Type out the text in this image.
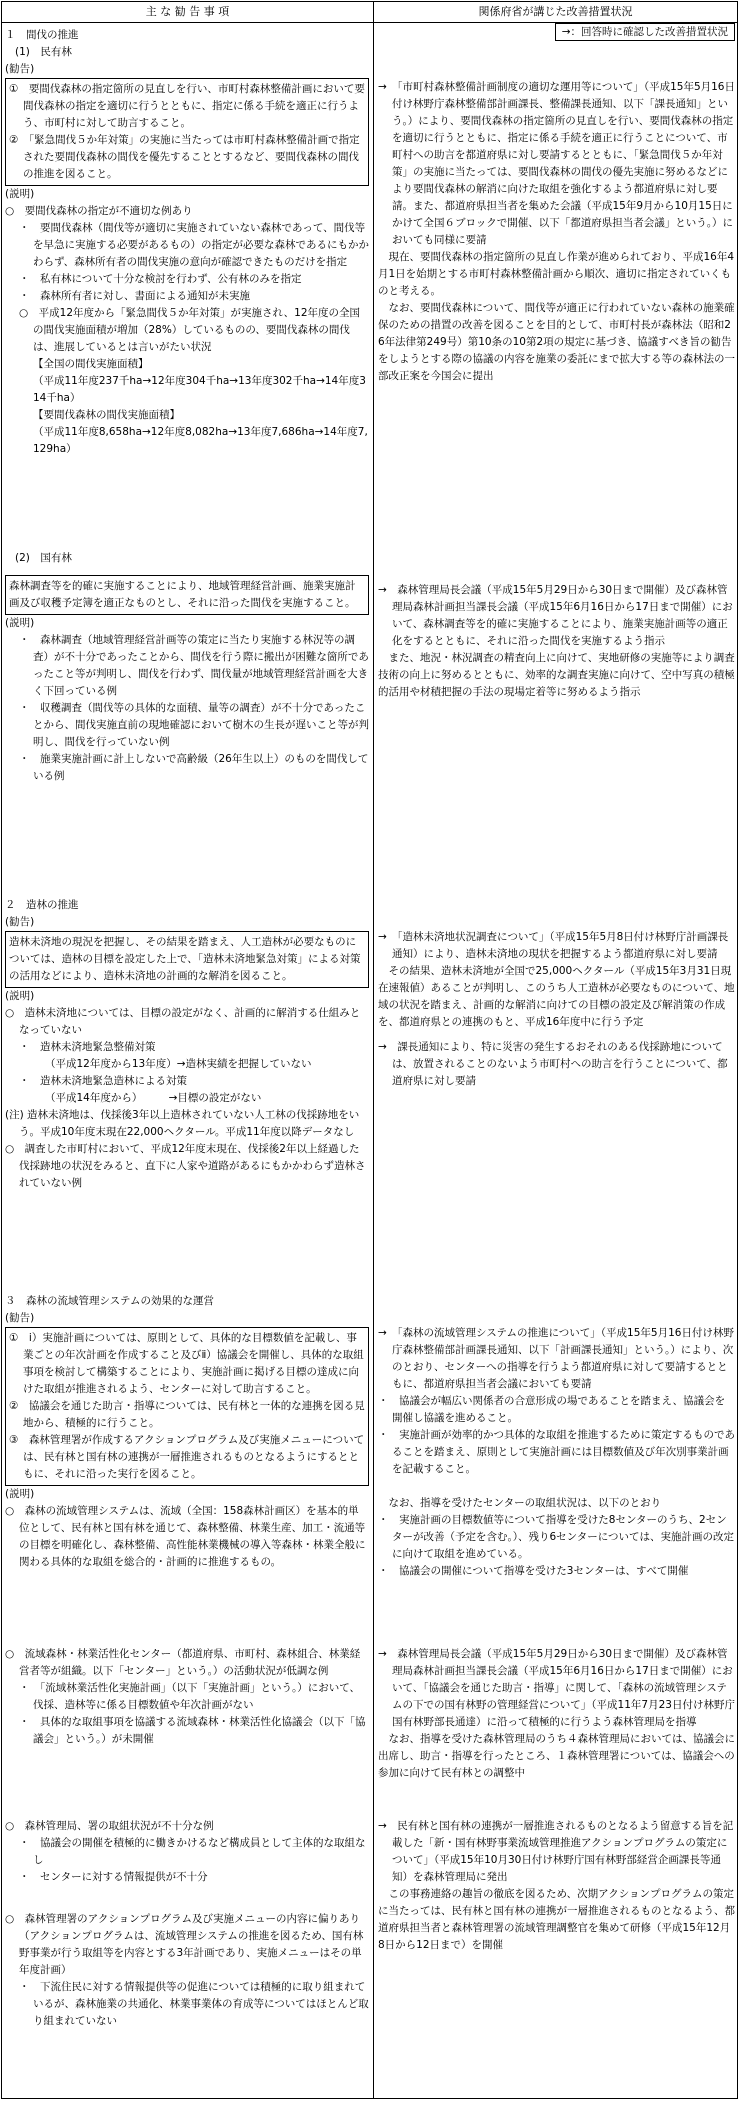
主 な 勧 告 事 項	関係府省が講じた改善措置状況

１　間伐の推進

(1)　民有林

(勧告)

①　要間伐森林の指定箇所の見直しを行い、市町村森林整備計画において要間伐森林の指定を適切に行うとともに、指定に係る手続を適正に行うよう、市町村に対して助言すること。

②　「緊急間伐５か年対策」の実施に当たっては市町村森林整備計画で指定された要間伐森林の間伐を優先することとするなど、要間伐森林の間伐の推進を図ること。

(説明)

○　要間伐森林の指定が不適切な例あり

・　要間伐森林（間伐等が適切に実施されていない森林であって、間伐等を早急に実施する必要があるもの）の指定が必要な森林であるにもかかわらず、森林所有者の間伐実施の意向が確認できたものだけを指定

・　私有林について十分な検討を行わず、公有林のみを指定

・　森林所有者に対し、書面による通知が未実施

○　平成12年度から「緊急間伐５か年対策」が実施され、12年度の全国の間伐実施面積が増加（28%）しているものの、要間伐森林の間伐は、進展しているとは言いがたい状況

【全国の間伐実施面積】

（平成11年度237千ha→12年度304千ha→13年度302千ha→14年度314千ha）

【要間伐森林の間伐実施面積】

（平成11年度8,658ha→12年度8,082ha→13年度7,686ha→14年度7,129ha）

(2)　国有林

森林調査等を的確に実施することにより、地域管理経営計画、施業実施計画及び収穫予定簿を適正なものとし、それに沿った間伐を実施すること。

(説明)

・　森林調査（地域管理経営計画等の策定に当たり実施する林況等の調査）が不十分であったことから、間伐を行う際に搬出が困難な箇所であったこと等が判明し、間伐を行わず、間伐量が地域管理経営計画を大きく下回っている例

・　収穫調査（間伐等の具体的な面積、量等の調査）が不十分であったことから、間伐実施直前の現地確認において樹木の生長が遅いこと等が判明し、間伐を行っていない例

・　施業実施計画に計上しないで高齢級（26年生以上）のものを間伐している例

２　造林の推進

(勧告)

造林未済地の現況を把握し、その結果を踏まえ、人工造林が必要なものについては、造林の目標を設定した上で、「造林未済地緊急対策」による対策の活用などにより、造林未済地の計画的な解消を図ること。

(説明)

○　造林未済地については、目標の設定がなく、計画的に解消する仕組みとなっていない

・　造林未済地緊急整備対策

（平成12年度から13年度）→造林実績を把握していない

・　造林未済地緊急造林による対策

（平成14年度から）　　　→目標の設定がない

(注) 造林未済地は、伐採後3年以上造林されていない人工林の伐採跡地をいう。平成10年度末現在22,000ヘクタール。平成11年度以降データなし

○　調査した市町村において、平成12年度末現在、伐採後2年以上経過した伐採跡地の状況をみると、直下に人家や道路があるにもかかわらず造林されていない例

３　森林の流域管理システムの効果的な運営

(勧告)

①　ⅰ）実施計画については、原則として、具体的な目標数値を記載し、事業ごとの年次計画を作成すること及びⅱ）協議会を開催し、具体的な取組事項を検討して構築することにより、実施計画に掲げる目標の達成に向けた取組が推進されるよう、センターに対して助言すること。

②　協議会を通じた助言・指導については、民有林と一体的な連携を図る見地から、積極的に行うこと。

③　森林管理署が作成するアクションプログラム及び実施メニューについては、民有林と国有林の連携が一層推進されるものとなるようにするとともに、それに沿った実行を図ること。

(説明)

○　森林の流域管理システムは、流域（全国：158森林計画区）を基本的単位として、民有林と国有林を通じて、森林整備、林業生産、加工・流通等の目標を明確化し、森林整備、高性能林業機械の導入等森林・林業全般に関わる具体的な取組を総合的・計画的に推進するもの。

○　流域森林・林業活性化センター（都道府県、市町村、森林組合、林業経営者等が組織。以下「センター」という。）の活動状況が低調な例

・　「流域林業活性化実施計画」（以下「実施計画」という。）において、伐採、造林等に係る目標数値や年次計画がない

・　具体的な取組事項を協議する流域森林・林業活性化協議会（以下「協議会」という。）が未開催

○　森林管理局、署の取組状況が不十分な例

・　協議会の開催を積極的に働きかけるなど構成員として主体的な取組なし

・　センターに対する情報提供が不十分

○　森林管理署のアクションプログラム及び実施メニューの内容に偏りあり

（アクションプログラムは、流域管理システムの推進を図るため、国有林野事業が行う取組等を内容とする3年計画であり、実施メニューはその単年度計画）

・　下流住民に対する情報提供等の促進については積極的に取り組まれているが、森林施業の共通化、林業事業体の育成等についてはほとんど取り組まれていない

→：回答時に確認した改善措置状況

→　「市町村森林整備計画制度の適切な運用等について」（平成15年5月16日付け林野庁森林整備部計画課長、整備課長通知、以下「課長通知」という。）により、要間伐森林の指定箇所の見直しを行い、要間伐森林の指定を適切に行うとともに、指定に係る手続を適正に行うことについて、市町村への助言を都道府県に対し要請するとともに、「緊急間伐５か年対策」の実施に当たっては、要間伐森林の間伐の優先実施に努めるなどにより要間伐森林の解消に向けた取組を強化するよう都道府県に対し要請。また、都道府県担当者を集めた会議（平成15年9月から10月15日にかけて全国６ブロックで開催、以下「都道府県担当者会議」という。）においても同様に要請

　現在、要間伐森林の指定箇所の見直し作業が進められており、平成16年4月1日を始期とする市町村森林整備計画から順次、適切に指定されていくものと考える。

　なお、要間伐森林について、間伐等が適正に行われていない森林の施業確保のための措置の改善を図ることを目的として、市町村長が森林法（昭和26年法律第249号）第10条の10第2項の規定に基づき、協議すべき旨の勧告をしようとする際の協議の内容を施業の委託にまで拡大する等の森林法の一部改正案を今国会に提出

→　森林管理局長会議（平成15年5月29日から30日まで開催）及び森林管理局森林計画担当課長会議（平成15年6月16日から17日まで開催）において、森林調査等を的確に実施することにより、施業実施計画等の適正化をするとともに、それに沿った間伐を実施するよう指示

　また、地況・林況調査の精査向上に向けて、実地研修の実施等により調査技術の向上に努めるとともに、効率的な調査実施に向けて、空中写真の積極的活用や材積把握の手法の現場定着等に努めるよう指示

→　「造林未済地状況調査について」（平成15年5月8日付け林野庁計画課長通知）により、造林未済地の現状を把握するよう都道府県に対し要請

　その結果、造林未済地が全国で25,000ヘクタール（平成15年3月31日現在速報値）あることが判明し、このうち人工造林が必要なものについて、地域の状況を踏まえ、計画的な解消に向けての目標の設定及び解消策の作成を、都道府県との連携のもと、平成16年度中に行う予定

→　課長通知により、特に災害の発生するおそれのある伐採跡地については、放置されることのないよう市町村への助言を行うことについて、都道府県に対し要請

→　「森林の流域管理システムの推進について」（平成15年5月16日付け林野庁森林整備部計画課長通知、以下「計画課長通知」という。）により、次のとおり、センターへの指導を行うよう都道府県に対して要請するとともに、都道府県担当者会議においても要請

・　協議会が幅広い関係者の合意形成の場であることを踏まえ、協議会を開催し協議を進めること。

・　実施計画が効率的かつ具体的な取組を推進するために策定するものであることを踏まえ、原則として実施計画には目標数値及び年次別事業計画を記載すること。

　なお、指導を受けたセンターの取組状況は、以下のとおり

・　実施計画の目標数値等について指導を受けた8センターのうち、2センターが改善（予定を含む。）、残り6センターについては、実施計画の改定に向けて取組を進めている。

・　協議会の開催について指導を受けた3センターは、すべて開催

→　森林管理局長会議（平成15年5月29日から30日まで開催）及び森林管理局森林計画担当課長会議（平成15年6月16日から17日まで開催）において、「協議会を通じた助言・指導」に関して、「森林の流域管理システムの下での国有林野の管理経営について」（平成11年7月23日付け林野庁国有林野部長通達）に沿って積極的に行うよう森林管理局を指導

　なお、指導を受けた森林管理局のうち４森林管理局においては、協議会に出席し、助言・指導を行ったところ、１森林管理署については、協議会への参加に向けて民有林との調整中

→　民有林と国有林の連携が一層推進されるものとなるよう留意する旨を記載した「新・国有林野事業流域管理推進アクションプログラムの策定について」（平成15年10月30日付け林野庁国有林野部経営企画課長等通知）を森林管理局に発出

　この事務連絡の趣旨の徹底を図るため、次期アクションプログラムの策定に当たっては、民有林と国有林の連携が一層推進されるものとなるよう、都道府県担当者と森林管理署の流域管理調整官を集めて研修（平成15年12月8日から12日まで）を開催
